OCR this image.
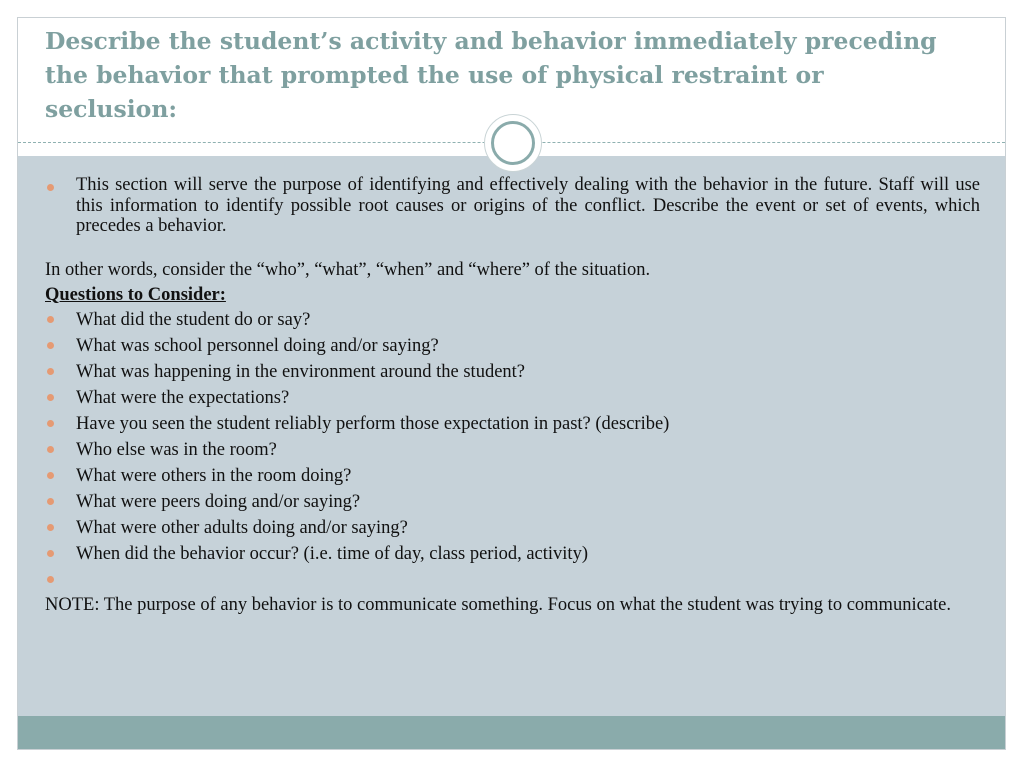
Describe the student’s activity and behavior immediately preceding the behavior that prompted the use of physical restraint or seclusion:
This section will serve the purpose of identifying and effectively dealing with the behavior in the future. Staff will use this information to identify possible root causes or origins of the conflict. Describe the event or set of events, which precedes a behavior.
In other words, consider the “who”, “what”, “when” and “where” of the situation.
Questions to Consider:
What did the student do or say?
What was school personnel doing and/or saying?
What was happening in the environment around the student?
What were the expectations?
Have you seen the student reliably perform those expectation in past? (describe)
Who else was in the room?
What were others in the room doing?
What were peers doing and/or saying?
What were other adults doing and/or saying?
When did the behavior occur? (i.e. time of day, class period, activity)
NOTE: The purpose of any behavior is to communicate something. Focus on what the student was trying to communicate.
